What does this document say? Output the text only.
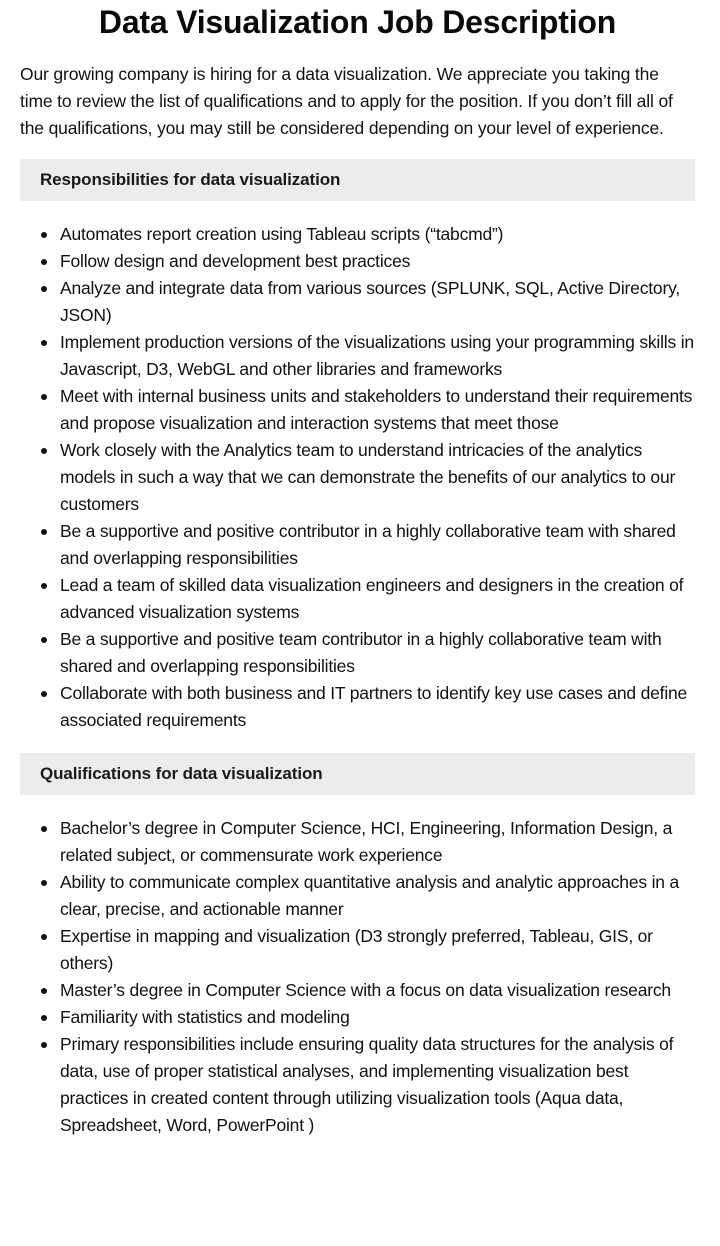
Data Visualization Job Description

Our growing company is hiring for a data visualization. We appreciate you taking the time to review the list of qualifications and to apply for the position. If you don’t fill all of the qualifications, you may still be considered depending on your level of experience.

Responsibilities for data visualization
Automates report creation using Tableau scripts (“tabcmd”)
Follow design and development best practices
Analyze and integrate data from various sources (SPLUNK, SQL, Active Directory, JSON)
Implement production versions of the visualizations using your programming skills in Javascript, D3, WebGL and other libraries and frameworks
Meet with internal business units and stakeholders to understand their requirements and propose visualization and interaction systems that meet those
Work closely with the Analytics team to understand intricacies of the analytics models in such a way that we can demonstrate the benefits of our analytics to our customers
Be a supportive and positive contributor in a highly collaborative team with shared and overlapping responsibilities
Lead a team of skilled data visualization engineers and designers in the creation of advanced visualization systems
Be a supportive and positive team contributor in a highly collaborative team with shared and overlapping responsibilities
Collaborate with both business and IT partners to identify key use cases and define associated requirements
Qualifications for data visualization
Bachelor’s degree in Computer Science, HCI, Engineering, Information Design, a related subject, or commensurate work experience
Ability to communicate complex quantitative analysis and analytic approaches in a clear, precise, and actionable manner
Expertise in mapping and visualization (D3 strongly preferred, Tableau, GIS, or others)
Master’s degree in Computer Science with a focus on data visualization research
Familiarity with statistics and modeling
Primary responsibilities include ensuring quality data structures for the analysis of data, use of proper statistical analyses, and implementing visualization best practices in created content through utilizing visualization tools (Aqua data, Spreadsheet, Word, PowerPoint )
